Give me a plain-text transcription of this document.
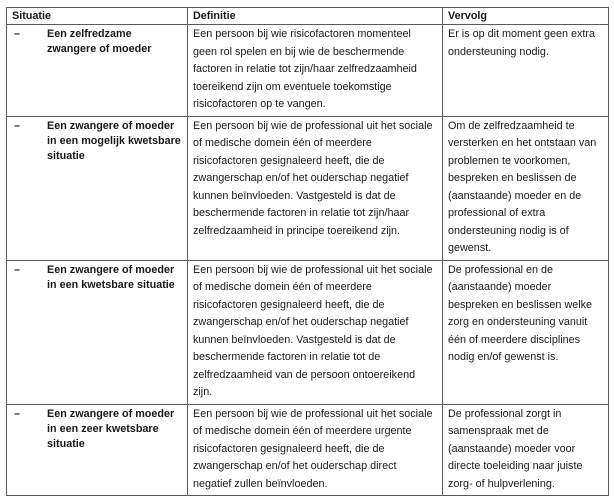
Situatie	Definitie	Vervolg

– Een zelfredzame zwangere of moeder	Een persoon bij wie risicofactoren momenteel geen rol spelen en bij wie de beschermende factoren in relatie tot zijn/haar zelfredzaamheid toereikend zijn om eventuele toekomstige risicofactoren op te vangen.	Er is op dit moment geen extra ondersteuning nodig.

– Een zwangere of moeder in een mogelijk kwetsbare situatie	Een persoon bij wie de professional uit het sociale of medische domein één of meerdere risicofactoren gesignaleerd heeft, die de zwangerschap en/of het ouderschap negatief kunnen beïnvloeden. Vastgesteld is dat de beschermende factoren in relatie tot zijn/haar zelfredzaamheid in principe toereikend zijn.	Om de zelfredzaamheid te versterken en het ontstaan van problemen te voorkomen, bespreken en beslissen de (aanstaande) moeder en de professional of extra ondersteuning nodig is of gewenst.

– Een zwangere of moeder in een kwetsbare situatie	Een persoon bij wie de professional uit het sociale of medische domein één of meerdere risicofactoren gesignaleerd heeft, die de zwangerschap en/of het ouderschap negatief kunnen beïnvloeden. Vastgesteld is dat de beschermende factoren in relatie tot de zelfredzaamheid van de persoon ontoereikend zijn.	De professional en de (aanstaande) moeder bespreken en beslissen welke zorg en ondersteuning vanuit één of meerdere disciplines nodig en/of gewenst is.

– Een zwangere of moeder in een zeer kwetsbare situatie	Een persoon bij wie de professional uit het sociale of medische domein één of meerdere urgente risicofactoren gesignaleerd heeft, die de zwangerschap en/of het ouderschap direct negatief zullen beïnvloeden.	De professional zorgt in samenspraak met de (aanstaande) moeder voor directe toeleiding naar juiste zorg- of hulpverlening.
